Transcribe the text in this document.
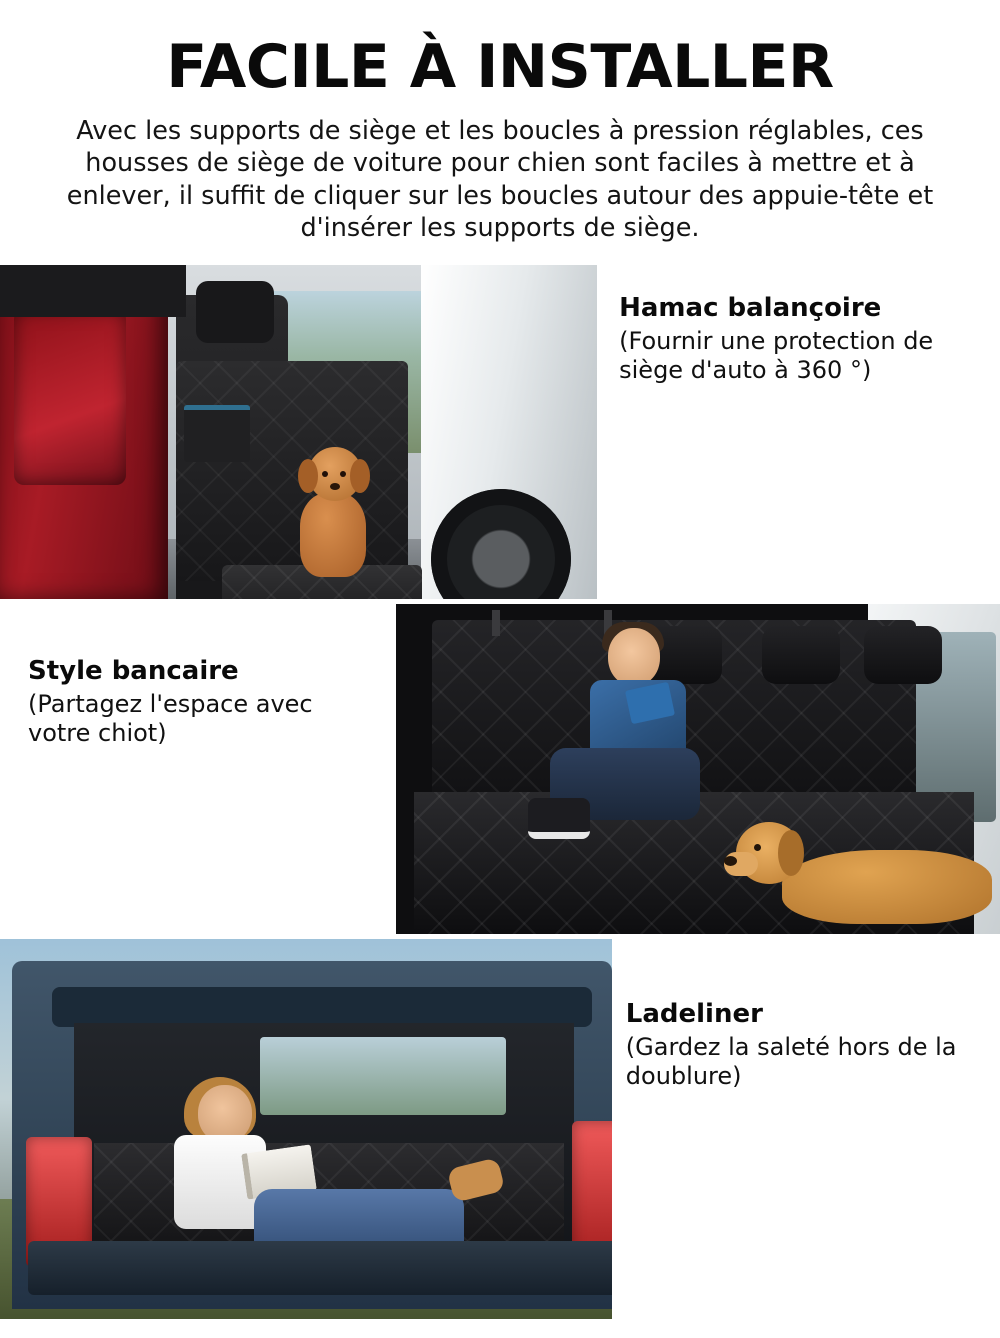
FACILE À INSTALLER

Avec les supports de siège et les boucles à pression réglables, ces housses de siège de voiture pour chien sont faciles à mettre et à enlever, il suffit de cliquer sur les boucles autour des appuie-tête et d'insérer les supports de siège.

Hamac balançoire

(Fournir une protection de siège d'auto à 360 °)

Style bancaire

(Partagez l'espace avec votre chiot)

Ladeliner

(Gardez la saleté hors de la doublure)
